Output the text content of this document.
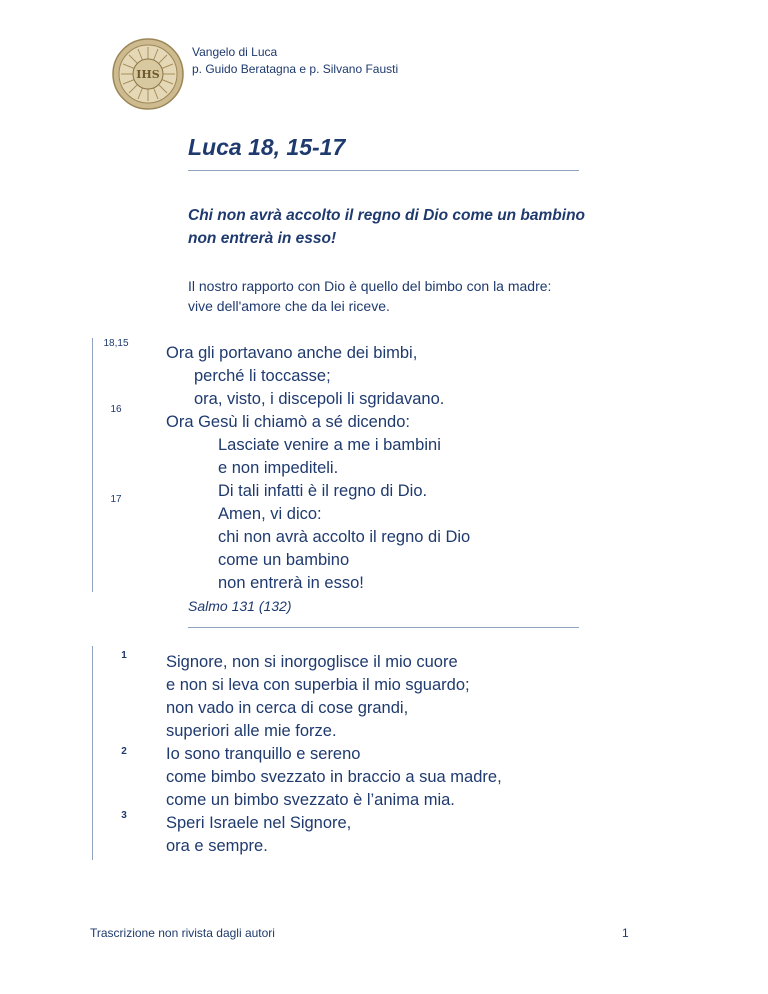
IHS
Vangelo di Luca
p. Guido Beratagna e p. Silvano Fausti
Luca 18, 15-17
Chi non avrà accolto il regno di Dio come un bambino
non entrerà in esso!
Il nostro rapporto con Dio è quello del bimbo con la madre:
vive dell'amore che da lei riceve.
18,15
16
17
Ora gli portavano anche dei bimbi,
perché li toccasse;
ora, visto, i discepoli li sgridavano.
Ora Gesù li chiamò a sé dicendo:
Lasciate venire a me i bambini
e non impediteli.
Di tali infatti è il regno di Dio.
Amen, vi dico:
chi non avrà accolto il regno di Dio
come un bambino
non entrerà in esso!
Salmo 131 (132)
1
2
3
Signore, non si inorgoglisce il mio cuore
e non si leva con superbia il mio sguardo;
non vado in cerca di cose grandi,
superiori alle mie forze.
Io sono tranquillo e sereno
come bimbo svezzato in braccio a sua madre,
come un bimbo svezzato è l’anima mia.
Speri Israele nel Signore,
ora e sempre.
Trascrizione non rivista dagli autori	1
